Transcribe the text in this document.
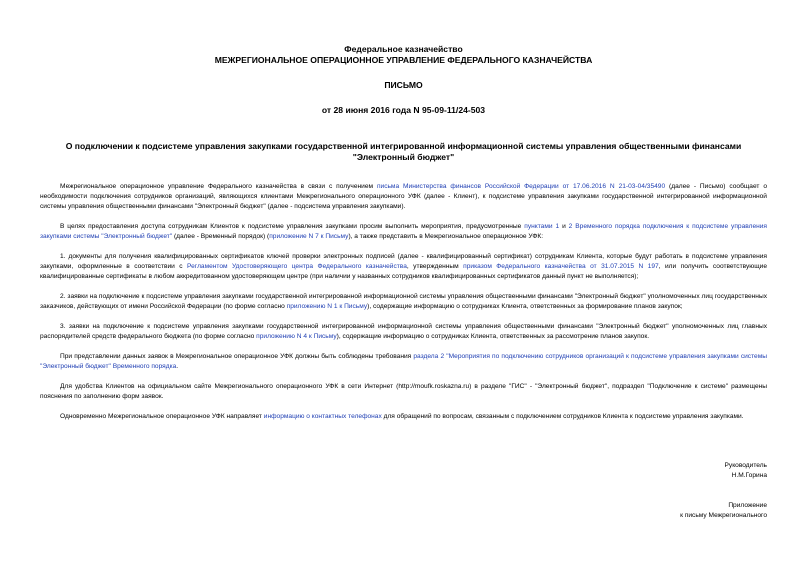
Федеральное казначейство
МЕЖРЕГИОНАЛЬНОЕ ОПЕРАЦИОННОЕ УПРАВЛЕНИЕ ФЕДЕРАЛЬНОГО КАЗНАЧЕЙСТВА
ПИСЬМО
от 28 июня 2016 года N 95-09-11/24-503
О подключении к подсистеме управления закупками государственной интегрированной информационной системы управления общественными финансами "Электронный бюджет"

Межрегиональное операционное управление Федерального казначейства в связи с получением письма Министерства финансов Российской Федерации от 17.06.2016 N 21-03-04/35490 (далее - Письмо) сообщает о необходимости подключения сотрудников организаций, являющихся клиентами Межрегионального операционного УФК (далее - Клиент), к подсистеме управления закупками государственной интегрированной информационной системы управления общественными финансами "Электронный бюджет" (далее - подсистема управления закупками).

В целях предоставления доступа сотрудникам Клиентов к подсистеме управления закупками просим выполнить мероприятия, предусмотренные пунктами 1 и 2 Временного порядка подключения к подсистеме управления закупками системы "Электронный бюджет" (далее - Временный порядок) (приложение N 7 к Письму), а также представить в Межрегиональное операционное УФК:

1. документы для получения квалифицированных сертификатов ключей проверки электронных подписей (далее - квалифицированный сертификат) сотрудникам Клиента, которые будут работать в подсистеме управления закупками, оформленные в соответствии с Регламентом Удостоверяющего центра Федерального казначейства, утвержденным приказом Федерального казначейства от 31.07.2015 N 197, или получить соответствующие квалифицированные сертификаты в любом аккредитованном удостоверяющем центре (при наличии у названных сотрудников квалифицированных сертификатов данный пункт не выполняется);

2. заявки на подключение к подсистеме управления закупками государственной интегрированной информационной системы управления общественными финансами "Электронный бюджет" уполномоченных лиц государственных заказчиков, действующих от имени Российской Федерации (по форме согласно приложению N 1 к Письму), содержащие информацию о сотрудниках Клиента, ответственных за формирование планов закупок;

3. заявки на подключение к подсистеме управления закупками государственной интегрированной информационной системы управления общественными финансами "Электронный бюджет" уполномоченных лиц главных распорядителей средств федерального бюджета (по форме согласно приложению N 4 к Письму), содержащие информацию о сотрудниках Клиента, ответственных за рассмотрение планов закупок.

При представлении данных заявок в Межрегиональное операционное УФК должны быть соблюдены требования раздела 2 "Мероприятия по подключению сотрудников организаций к подсистеме управления закупками системы "Электронный бюджет" Временного порядка.

Для удобства Клиентов на официальном сайте Межрегионального операционного УФК в сети Интернет (http://moufk.roskazna.ru) в разделе "ГИС" - "Электронный бюджет", подраздел "Подключение к системе" размещены пояснения по заполнению форм заявок.

Одновременно Межрегиональное операционное УФК направляет информацию о контактных телефонах для обращений по вопросам, связанным с подключением сотрудников Клиента к подсистеме управления закупками.

Руководитель
Н.М.Горина
Приложение
к письму Межрегионального
